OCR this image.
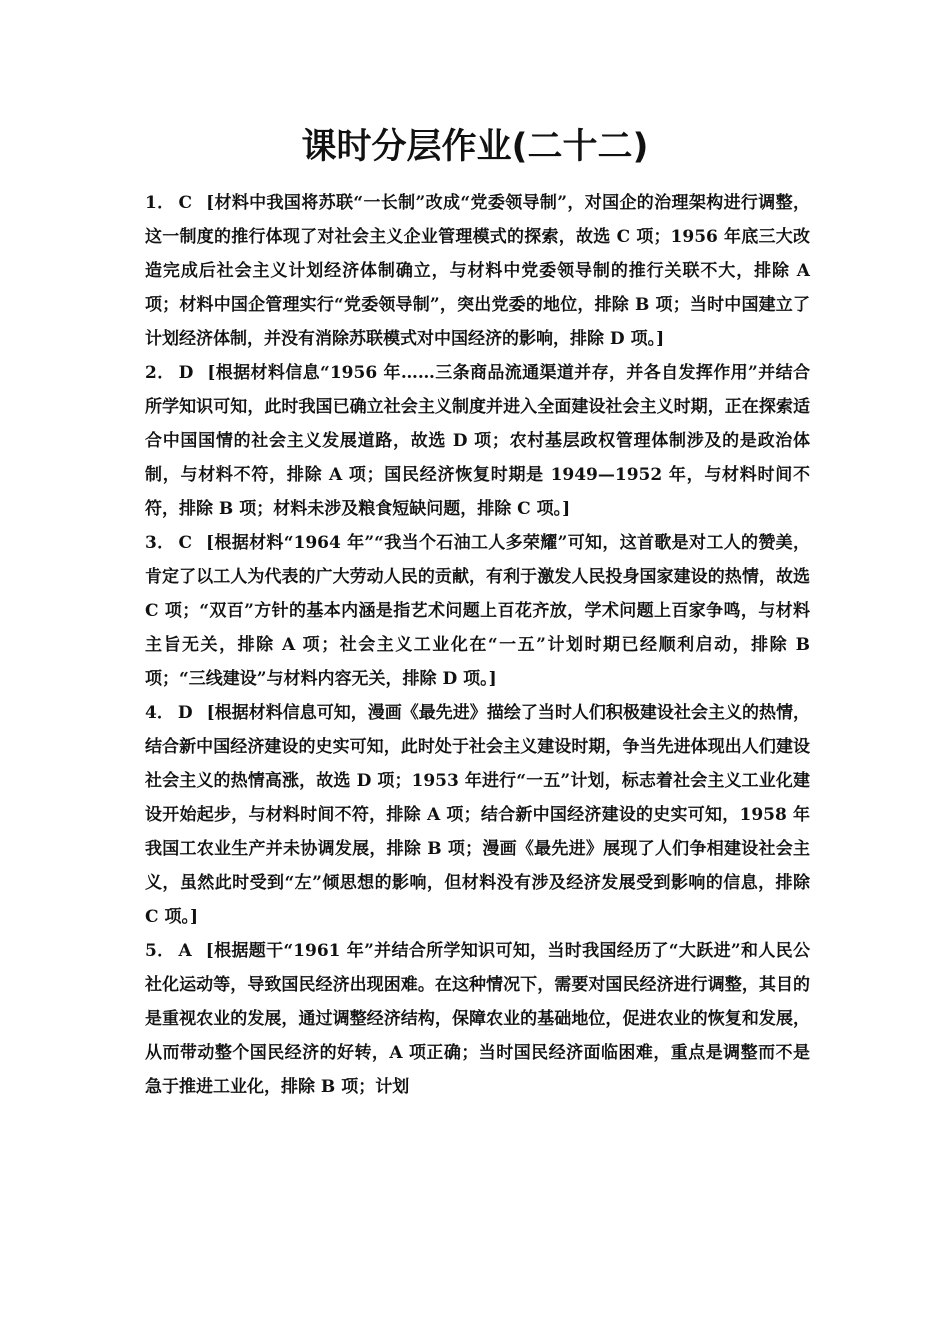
课时分层作业(二十二)

1． C [材料中我国将苏联“一长制”改成“党委领导制”，对国企的治理架构进行调整，这一制度的推行体现了对社会主义企业管理模式的探索，故选 C 项；1956 年底三大改造完成后社会主义计划经济体制确立，与材料中党委领导制的推行关联不大，排除 A 项；材料中国企管理实行“党委领导制”，突出党委的地位，排除 B 项；当时中国建立了计划经济体制，并没有消除苏联模式对中国经济的影响，排除 D 项。]

2． D [根据材料信息“1956 年……三条商品流通渠道并存，并各自发挥作用”并结合所学知识可知，此时我国已确立社会主义制度并进入全面建设社会主义时期，正在探索适合中国国情的社会主义发展道路，故选 D 项；农村基层政权管理体制涉及的是政治体制，与材料不符，排除 A 项；国民经济恢复时期是 1949—1952 年，与材料时间不符，排除 B 项；材料未涉及粮食短缺问题，排除 C 项。]

3． C [根据材料“1964 年”“我当个石油工人多荣耀”可知，这首歌是对工人的赞美，肯定了以工人为代表的广大劳动人民的贡献，有利于激发人民投身国家建设的热情，故选 C 项；“双百”方针的基本内涵是指艺术问题上百花齐放，学术问题上百家争鸣，与材料主旨无关，排除 A 项；社会主义工业化在“一五”计划时期已经顺利启动，排除 B 项；“三线建设”与材料内容无关，排除 D 项。]

4． D [根据材料信息可知，漫画《最先进》描绘了当时人们积极建设社会主义的热情，结合新中国经济建设的史实可知，此时处于社会主义建设时期，争当先进体现出人们建设社会主义的热情高涨，故选 D 项；1953 年进行“一五”计划，标志着社会主义工业化建设开始起步，与材料时间不符，排除 A 项；结合新中国经济建设的史实可知，1958 年我国工农业生产并未协调发展，排除 B 项；漫画《最先进》展现了人们争相建设社会主义，虽然此时受到“左”倾思想的影响，但材料没有涉及经济发展受到影响的信息，排除 C 项。]

5． A [根据题干“1961 年”并结合所学知识可知，当时我国经历了“大跃进”和人民公社化运动等，导致国民经济出现困难。在这种情况下，需要对国民经济进行调整，其目的是重视农业的发展，通过调整经济结构，保障农业的基础地位，促进农业的恢复和发展，从而带动整个国民经济的好转，A 项正确；当时国民经济面临困难，重点是调整而不是急于推进工业化，排除 B 项；计划
